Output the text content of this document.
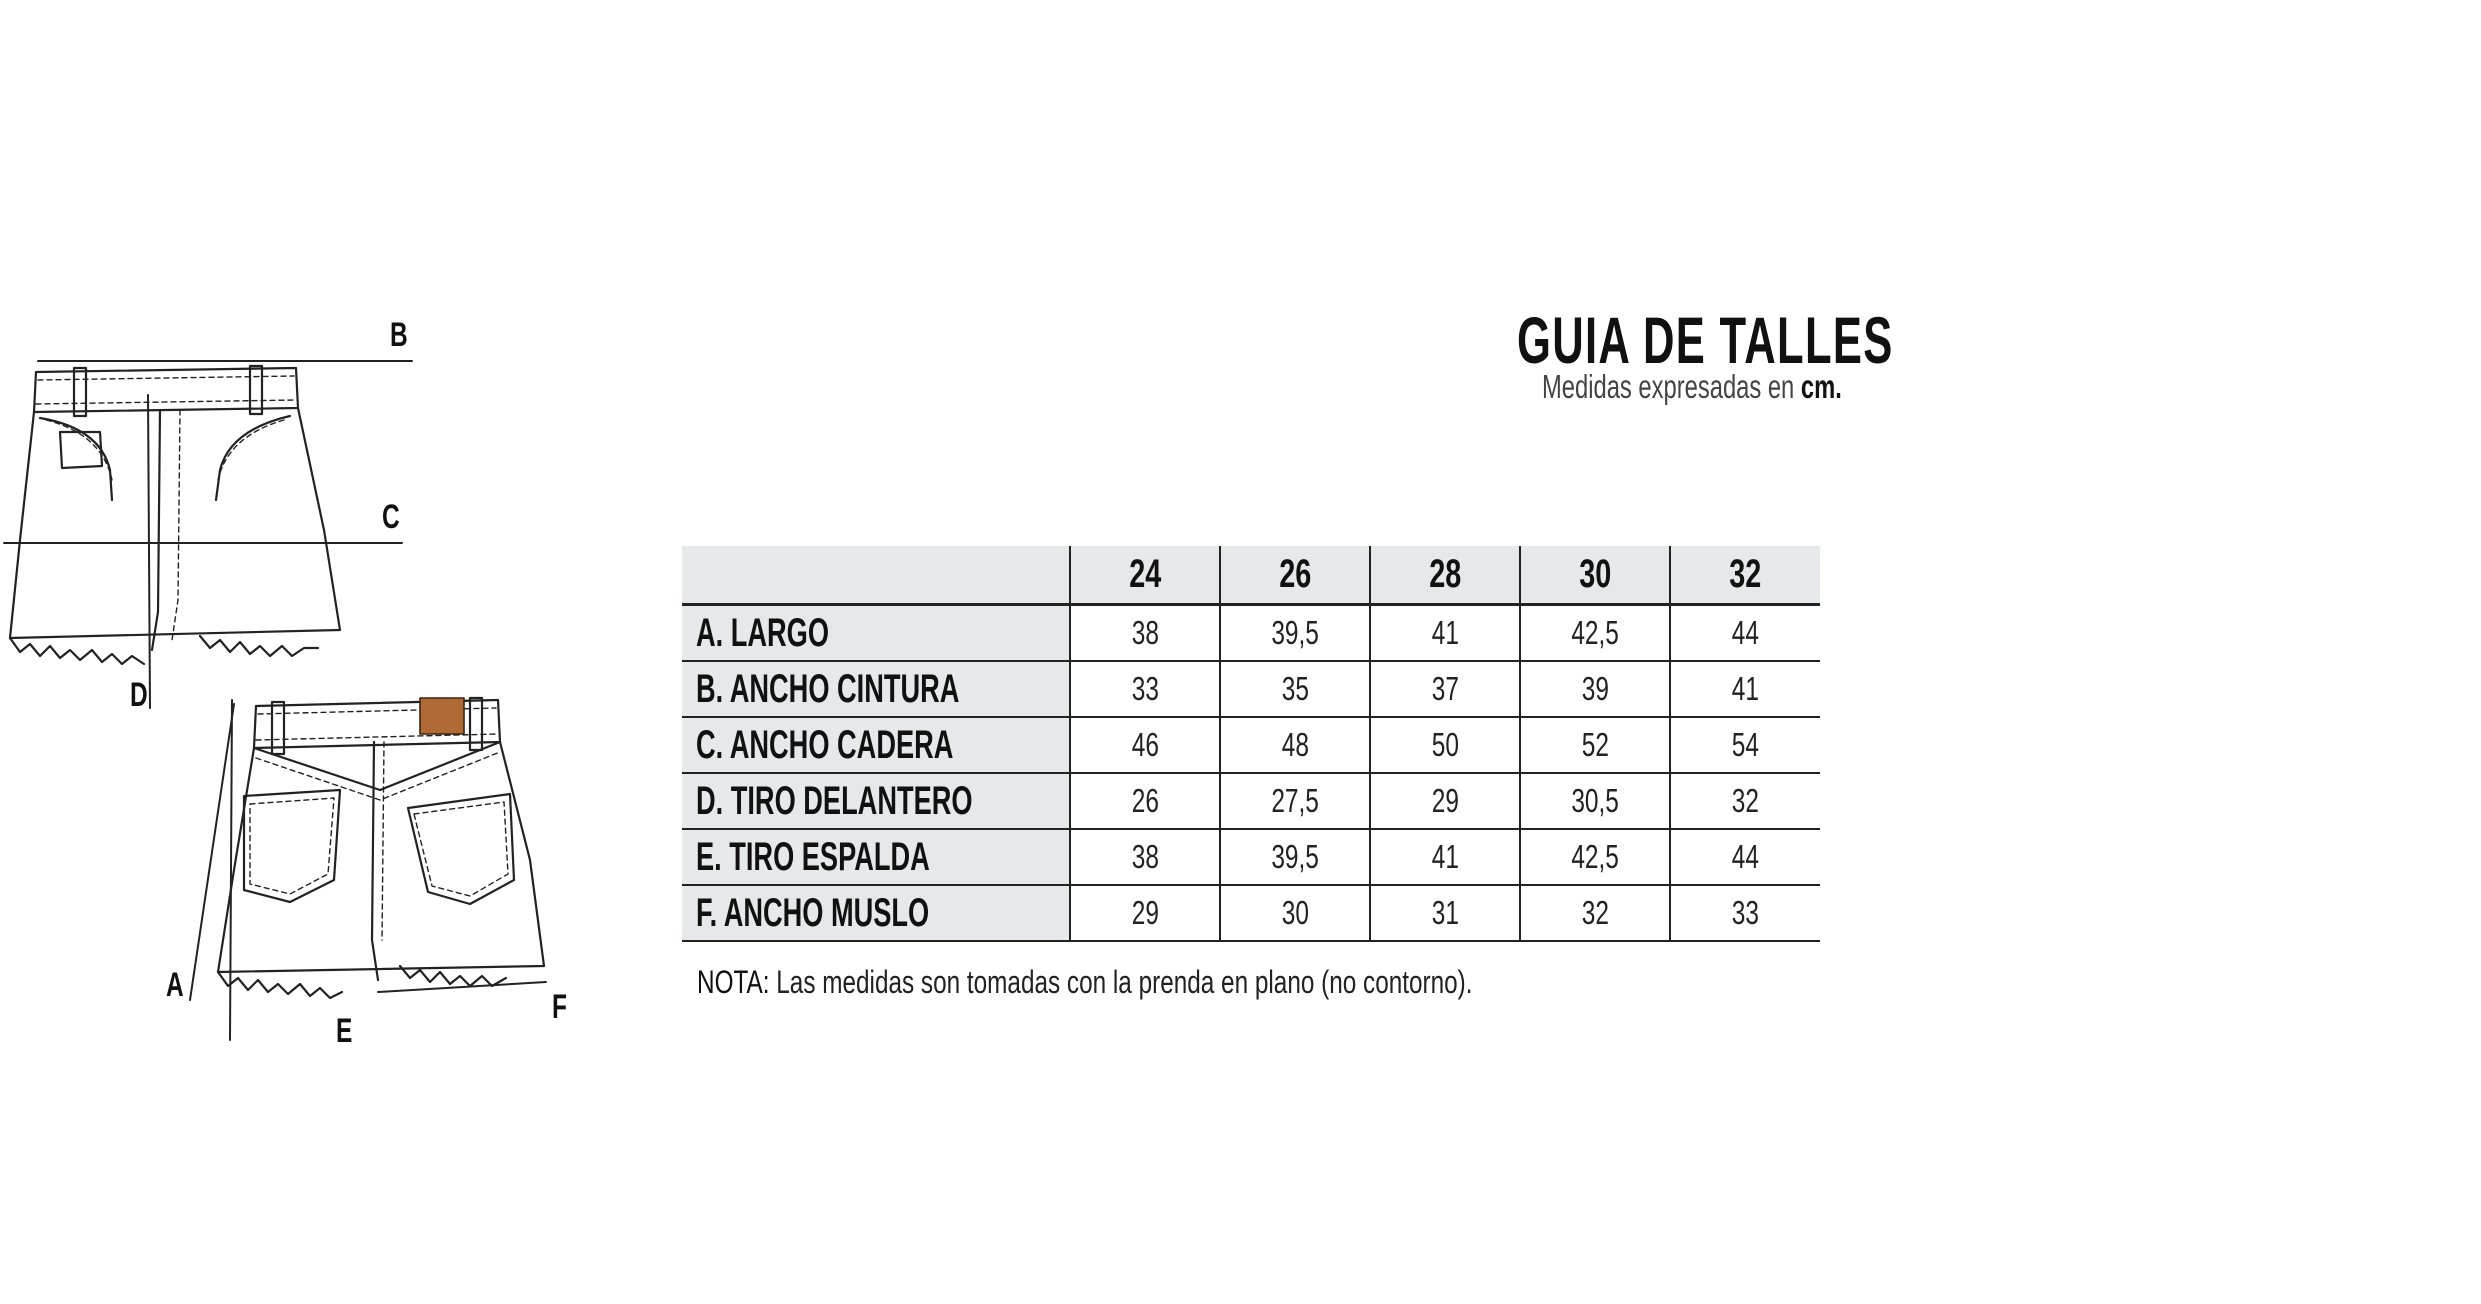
B
C
D
A
E
F
GUIA DE TALLES
Medidas expresadas en cm.
	24	26	28	30	32
A. LARGO	38	39,5	41	42,5	44
B. ANCHO CINTURA	33	35	37	39	41
C. ANCHO CADERA	46	48	50	52	54
D. TIRO DELANTERO	26	27,5	29	30,5	32
E. TIRO ESPALDA	38	39,5	41	42,5	44
F. ANCHO MUSLO	29	30	31	32	33
NOTA: Las medidas son tomadas con la prenda en plano (no contorno).
